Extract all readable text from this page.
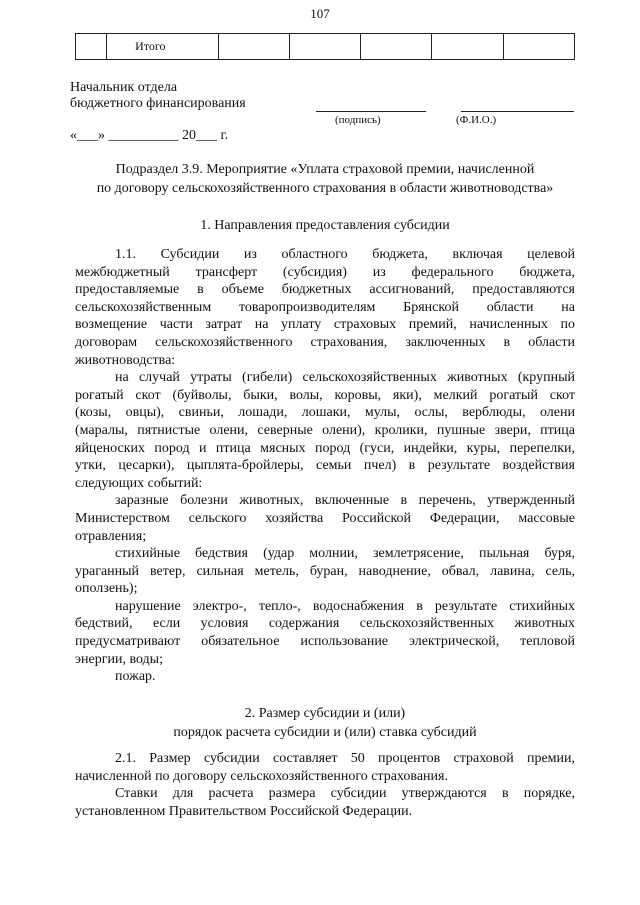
107
	Итого					
Начальник отдела
бюджетного финансирования
(подпись)	(Ф.И.О.)
«___» __________ 20___ г.
Подраздел 3.9. Мероприятие «Уплата страховой премии, начисленной
по договору сельскохозяйственного страхования в области животноводства»
1. Направления предоставления субсидии

1.1. Субсидии из областного бюджета, включая целевой

межбюджетный трансферт (субсидия) из федерального бюджета,

предоставляемые в объеме бюджетных ассигнований, предоставляются

сельскохозяйственным товаропроизводителям Брянской области на

возмещение части затрат на уплату страховых премий, начисленных по

договорам сельскохозяйственного страхования, заключенных в области

животноводства:

на случай утраты (гибели) сельскохозяйственных животных (крупный

рогатый скот (буйволы, быки, волы, коровы, яки), мелкий рогатый скот

(козы, овцы), свиньи, лошади, лошаки, мулы, ослы, верблюды, олени

(маралы, пятнистые олени, северные олени), кролики, пушные звери, птица

яйценоских пород и птица мясных пород (гуси, индейки, куры, перепелки,

утки, цесарки), цыплята-бройлеры, семьи пчел) в результате воздействия

следующих событий:

заразные болезни животных, включенные в перечень, утвержденный

Министерством сельского хозяйства Российской Федерации, массовые

отравления;

стихийные бедствия (удар молнии, землетрясение, пыльная буря,

ураганный ветер, сильная метель, буран, наводнение, обвал, лавина, сель,

оползень);

нарушение электро-, тепло-, водоснабжения в результате стихийных

бедствий, если условия содержания сельскохозяйственных животных

предусматривают обязательное использование электрической, тепловой

энергии, воды;

пожар.

2. Размер субсидии и (или)
порядок расчета субсидии и (или) ставка субсидий

2.1. Размер субсидии составляет 50 процентов страховой премии,

начисленной по договору сельскохозяйственного страхования.

Ставки для расчета размера субсидии утверждаются в порядке,

установленном Правительством Российской Федерации.
